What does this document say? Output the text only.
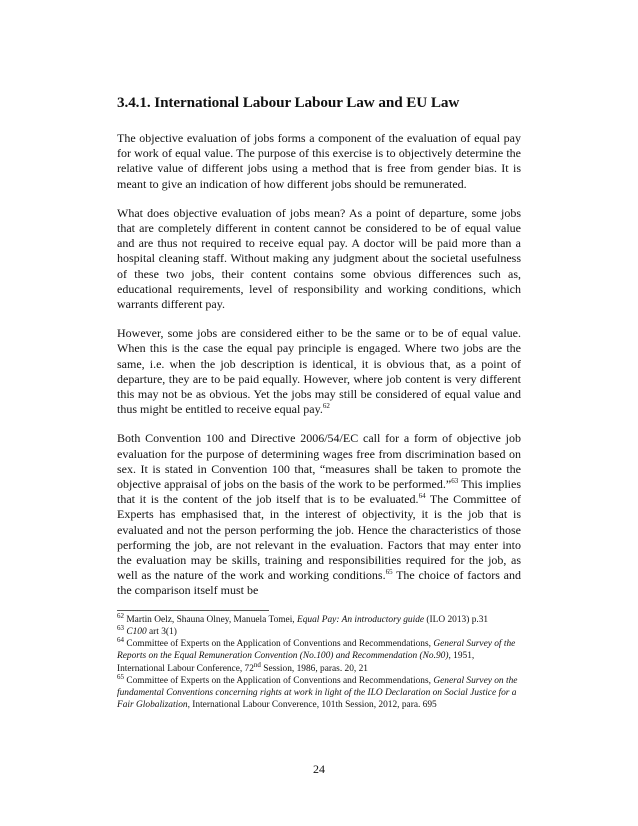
3.4.1. International Labour Labour Law and EU Law

The objective evaluation of jobs forms a component of the evaluation of equal pay for work of equal value. The purpose of this exercise is to objectively determine the relative value of different jobs using a method that is free from gender bias. It is meant to give an indication of how different jobs should be remunerated.

What does objective evaluation of jobs mean? As a point of departure, some jobs that are completely different in content cannot be considered to be of equal value and are thus not required to receive equal pay. A doctor will be paid more than a hospital cleaning staff. Without making any judgment about the societal usefulness of these two jobs, their content contains some obvious differences such as, educational requirements, level of responsibility and working conditions, which warrants different pay.

However, some jobs are considered either to be the same or to be of equal value. When this is the case the equal pay principle is engaged. Where two jobs are the same, i.e. when the job description is identical, it is obvious that, as a point of departure, they are to be paid equally. However, where job content is very different this may not be as obvious. Yet the jobs may still be considered of equal value and thus might be entitled to receive equal pay.$^{62}$

Both Convention 100 and Directive 2006/54/EC call for a form of objective job evaluation for the purpose of determining wages free from discrimination based on sex. It is stated in Convention 100 that, “measures shall be taken to promote the objective appraisal of jobs on the basis of the work to be performed.”$^{63}$ This implies that it is the content of the job itself that is to be evaluated.$^{64}$ The Committee of Experts has emphasised that, in the interest of objectivity, it is the job that is evaluated and not the person performing the job. Hence the characteristics of those performing the job, are not relevant in the evaluation. Factors that may enter into the evaluation may be skills, training and responsibilities required for the job, as well as the nature of the work and working conditions.$^{65}$ The choice of factors and the comparison itself must be

$^{62}$ Martin Oelz, Shauna Olney, Manuela Tomei, Equal Pay: An introductory guide (ILO 2013) p.31

$^{63}$ C100 art 3(1)

$^{64}$ Committee of Experts on the Application of Conventions and Recommendations, General Survey of the Reports on the Equal Remuneration Convention (No.100) and Recommendation (No.90), 1951, International Labour Conference, 72nd Session, 1986, paras. 20, 21

$^{65}$ Committee of Experts on the Application of Conventions and Recommendations, General Survey on the fundamental Conventions concerning rights at work in light of the ILO Declaration on Social Justice for a Fair Globalization, International Labour Converence, 101th Session, 2012, para. 695

24
